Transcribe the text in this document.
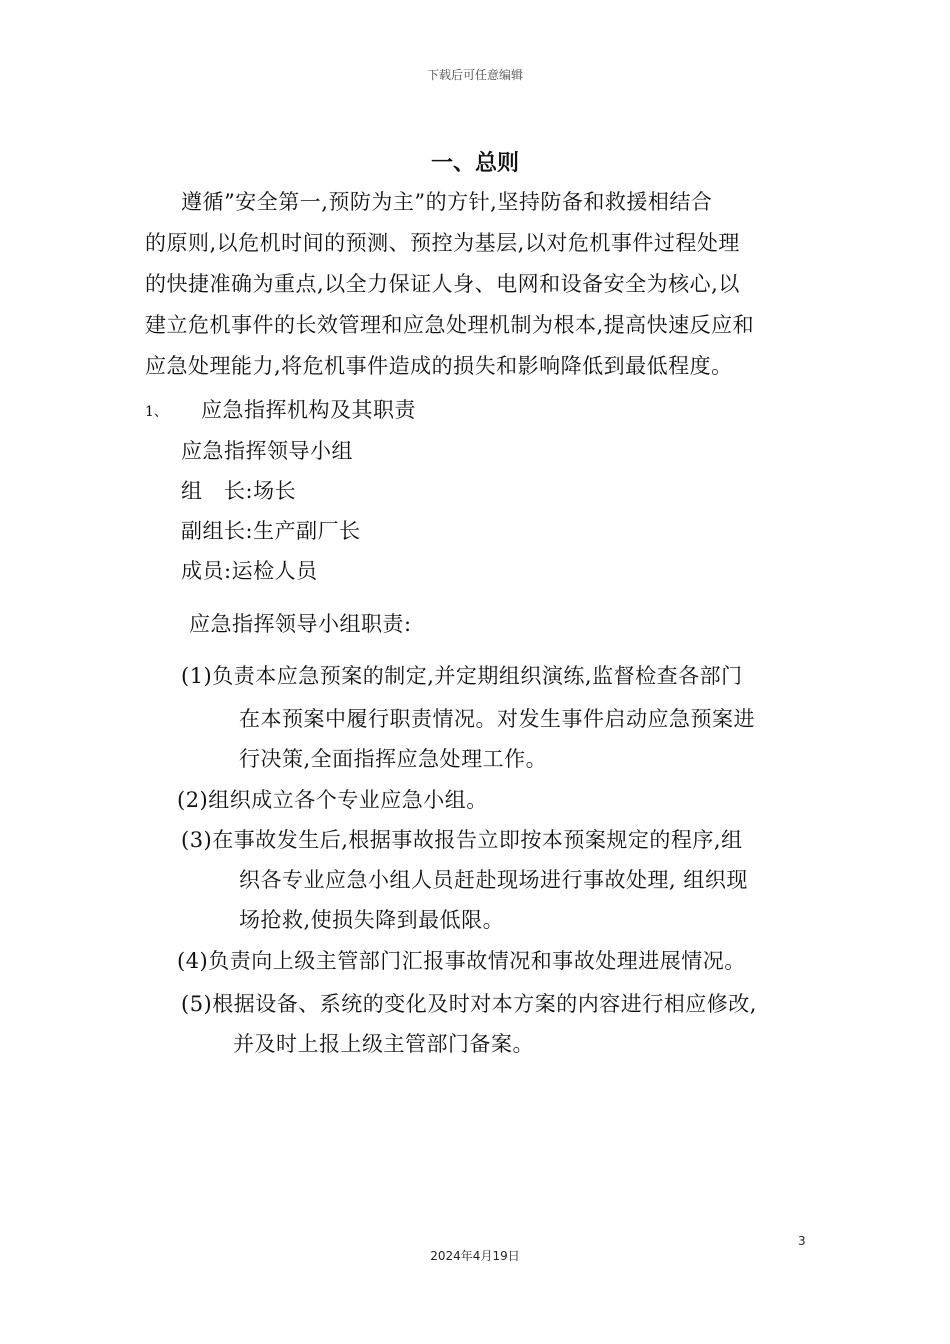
下载后可任意编辑
一、总则
遵循”安全第一,预防为主”的方针,坚持防备和救援相结合
的原则,以危机时间的预测、预控为基层,以对危机事件过程处理
的快捷准确为重点,以全力保证人身、电网和设备安全为核心,以
建立危机事件的长效管理和应急处理机制为根本,提高快速反应和
应急处理能力,将危机事件造成的损失和影响降低到最低程度。
1、 应急指挥机构及其职责
应急指挥领导小组
组　长:场长
副组长:生产副厂长
成员:运检人员
应急指挥领导小组职责:
(1)负责本应急预案的制定,并定期组织演练,监督检查各部门
在本预案中履行职责情况。对发生事件启动应急预案进
行决策,全面指挥应急处理工作。
(2)组织成立各个专业应急小组。
(3)在事故发生后,根据事故报告立即按本预案规定的程序,组
织各专业应急小组人员赶赴现场进行事故处理, 组织现
场抢救,使损失降到最低限。
(4)负责向上级主管部门汇报事故情况和事故处理进展情况。
(5)根据设备、系统的变化及时对本方案的内容进行相应修改,
并及时上报上级主管部门备案。
3
2024年4月19日
